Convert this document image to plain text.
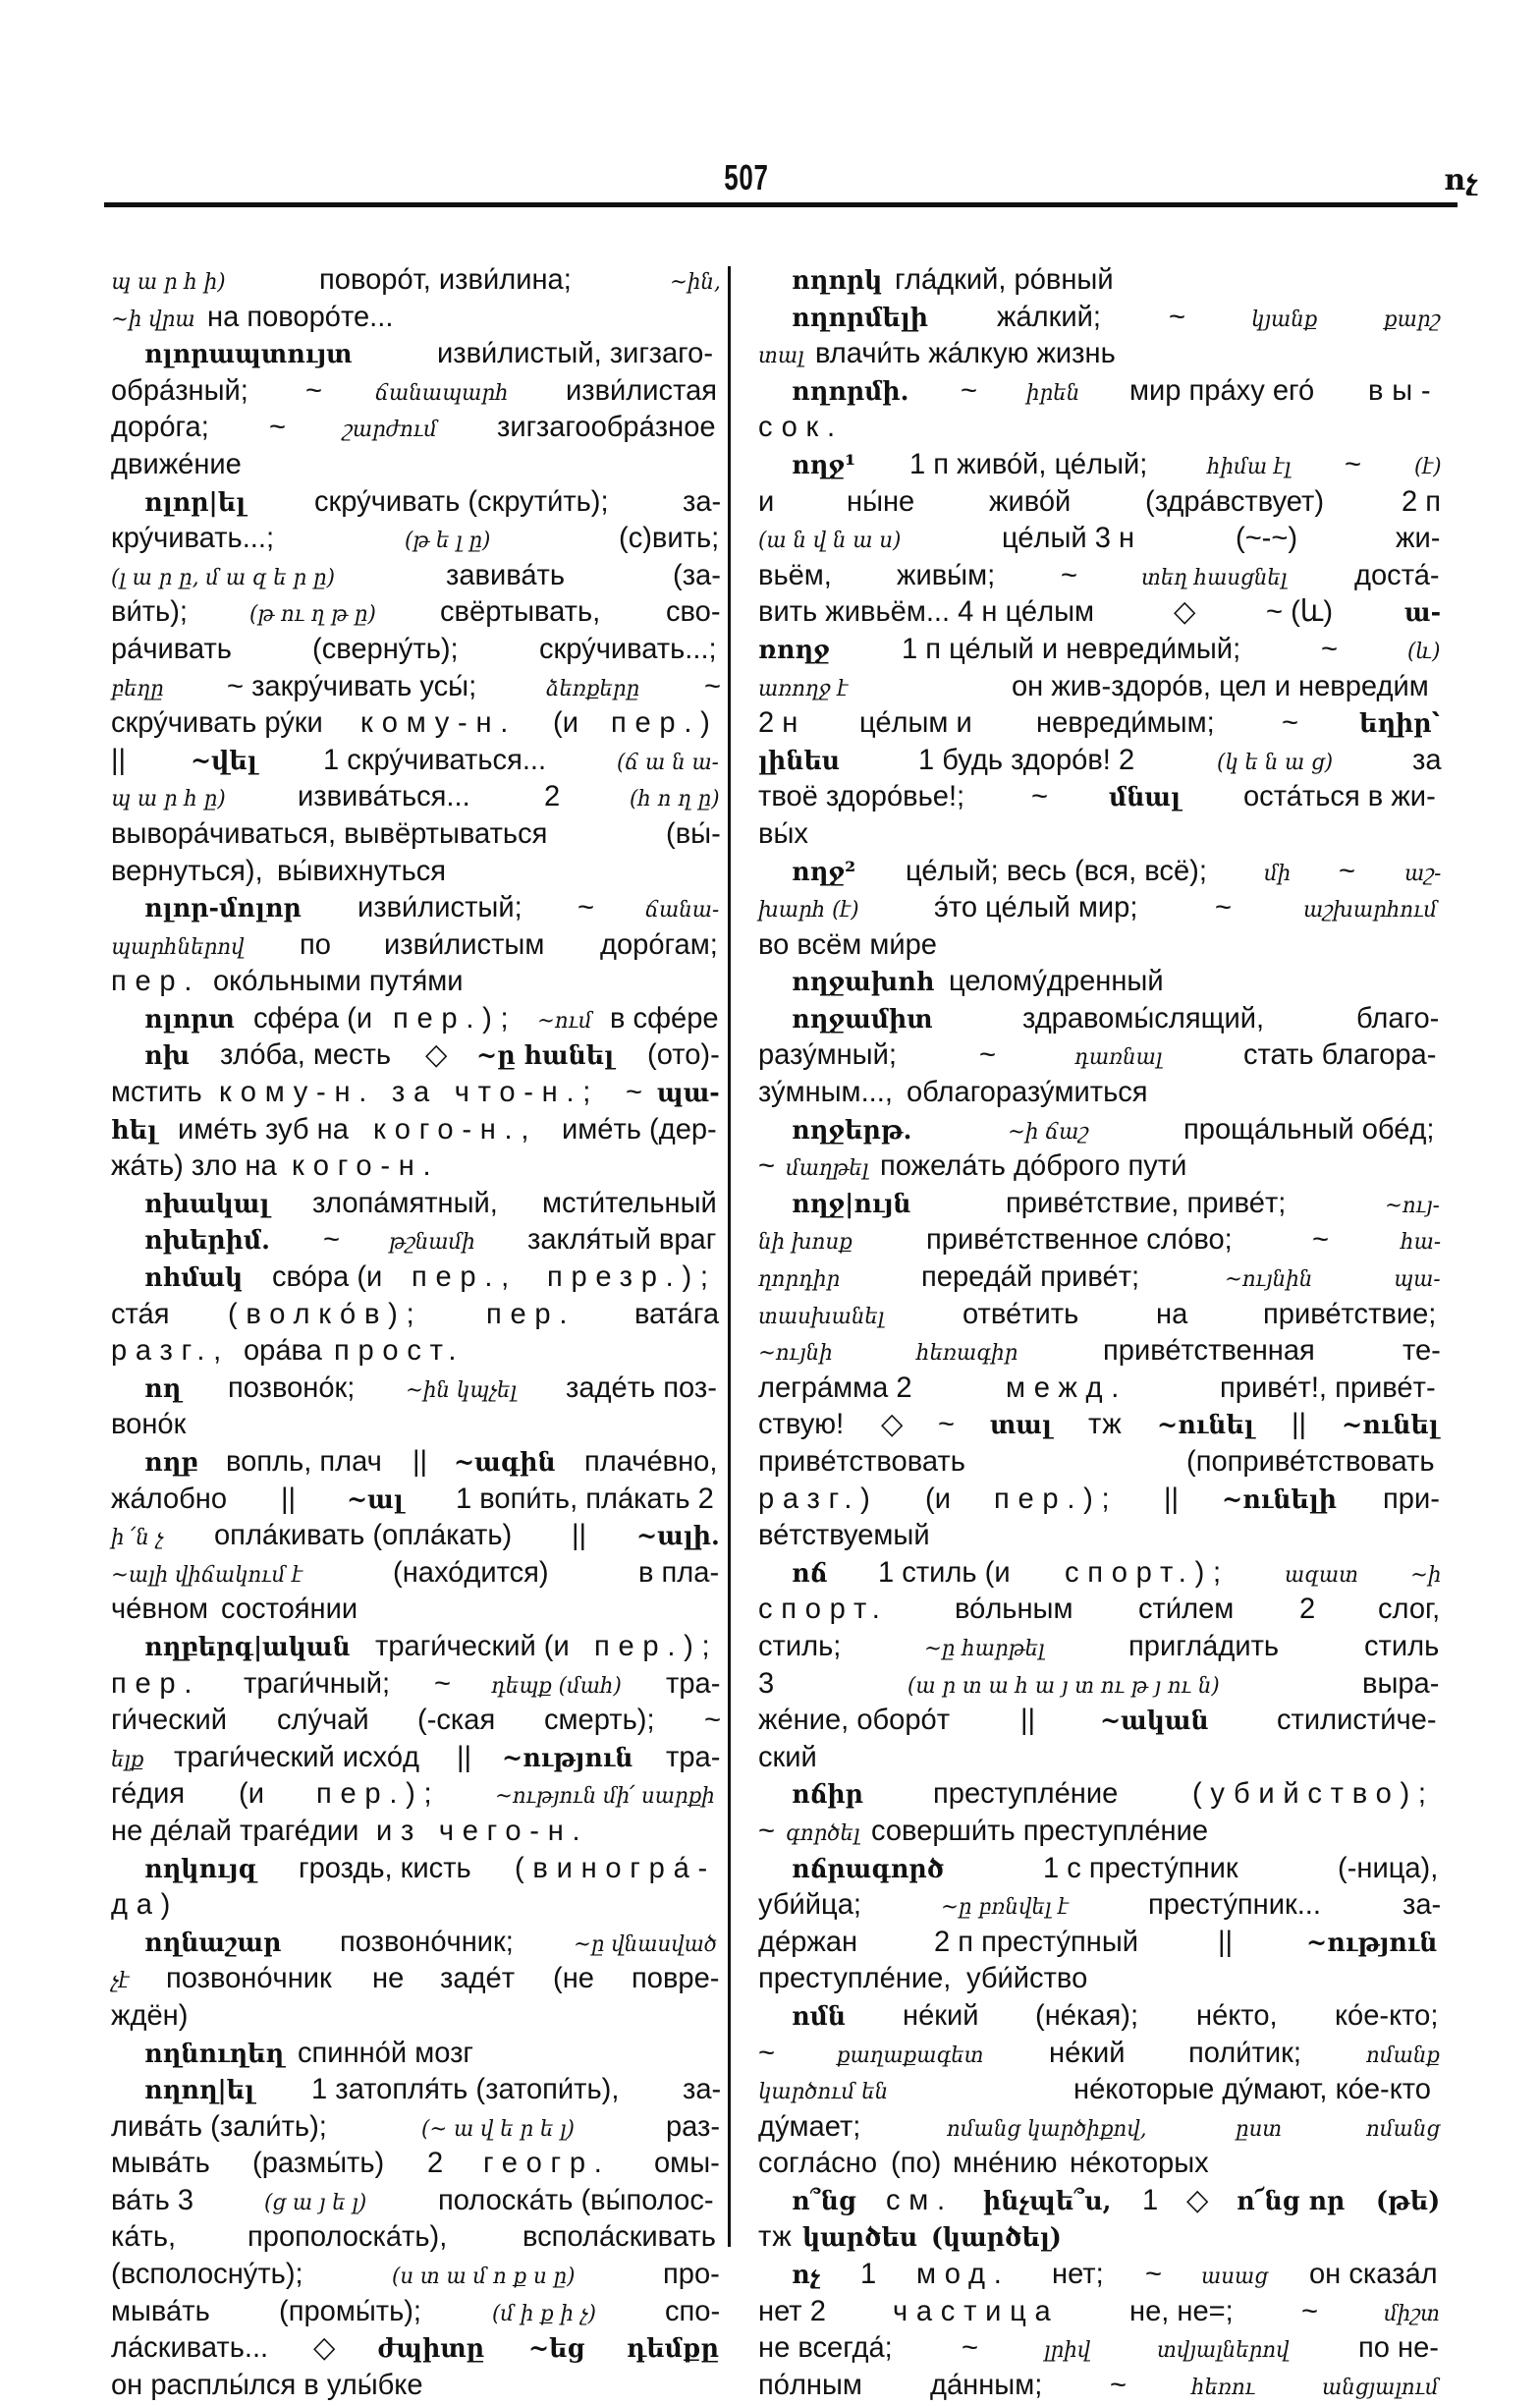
507	ոչ
պ ա ր հ ի)	поворо́т, изви́лина;	~ին,
~ի վրա на поворо́те...
ոլորապտույտ	изви́листый, зигзаго-
обра́зный; ~ ճանապարհ изви́листая
доро́га; ~	շարժում зигзагообра́зное
движе́ние
ոլոր|ել скру́чивать (скрути́ть);	за-
кру́чивать...;	(թ ե լ ը)	(с)вить;
(լ ա ր ը, մ ա զ ե ր ը)	завива́ть	(за-
ви́ть);	(թ ու ղ թ ը) свёртывать, сво-
ра́чивать	(сверну́ть);	скру́чивать...;
բեղը ~ закру́чивать усы́;	ձեռքերը ~
скру́чивать ру́ки кому-н. (и пер.)
||	~վել 1 скру́чиваться...	(ճ ա ն ա-
պ ա ր հ ը) извива́ться...	2	(հ ո ղ ը)
вывора́чиваться, вывёртываться	(вы́-
вернуться), вы́вихнуться
ոլոր-մոլոր изви́листый; ~ ճանա-
պարհներով по изви́листым доро́гам;
пер. око́льными путя́ми
ոլորտ сфе́ра (и пер.); ~ում в сфе́ре
ոխ зло́ба, месть ◇ ~ը հանել (ото)-
мстить кому-н. за что-н.; ~ պա-
հել име́ть зуб на кого-н., име́ть (дер-
жа́ть) зло на кого-н.
ոխակալ злопа́мятный, мсти́тельный
ոխերիմ. ~ թշնամի закля́тый враг
ոհմակ сво́ра (и пер., презр.);
ста́я (волко́в); пер. вата́га
разг., ора́ва прост.
ող позвоно́к; ~ին կպչել заде́ть поз-
воно́к
ողբ вопль, плач || ~ագին плаче́вно,
жа́лобно || ~ալ 1 вопи́ть, пла́кать 2
ի ՛ն չ опла́кивать (опла́кать) || ~ալի.
~ալի վիճակում է	(нахо́дится)	в пла-
че́вном состоя́нии
ողբերգ|ական траги́ческий (и пер.);
пер. траги́чный; ~ դեպք (մահ) тра-
ги́ческий слу́чай (-ская смерть); ~
ելք траги́ческий исхо́д || ~ություն тра-
ге́дия (и пер.);	~ություն մի՛ սարքի
не де́лай траге́дии из чего-н.
ողկույզ гроздь, кисть (виногра́-
да)
ողնաշար позвоно́чник;	~ը վնասված
չէ позвоно́чник не заде́т (не повре-
ждён)
ողնուղեղ спинно́й мозг
ողող|ել 1 затопля́ть (затопи́ть), за-
лива́ть (зали́ть);	(~ ա վ ե ր ե լ)	раз-
мыва́ть (размы́ть) 2 геогр. омы-
ва́ть 3	(ց ա յ ե լ) полоска́ть (вы́полос-
ка́ть, прополоска́ть),	вспола́скивать
(всполосну́ть);	(ս տ ա մ ո ք ս ը)	про-
мыва́ть (промы́ть);	(մ ի ք ի չ) спо-
ла́скивать... ◇ ժպիտը ~եց դեմքը
он расплы́лся в улы́бке
ողորկ гла́дкий, ро́вный
ողորմելի жа́лкий; ~	կյանք	քարշ
տալ влачи́ть жа́лкую жизнь
ողորմի. ~ իրեն мир пра́ху его́ вы-
сок.
ողջ¹ 1 п живо́й, це́лый;	հիմա էլ ~ (է)
и ны́не	живо́й	(здра́вствует)	2 п
(ա ն վ ն ա ս)	це́лый 3 н	(~-~)	жи-
вьём, живы́м; ~	տեղ հասցնել доста́-
вить живьём... 4 н це́лым	◇ ~ (և)	ա-
ռողջ 1 п це́лый и невреди́мый;	~	(և)
առողջ է	он жив-здоро́в, цел и невреди́м
2 н це́лым и невреди́мым; ~ եղիր՝
լինես	1 будь здоро́в! 2	(կ ե ն ա ց)	за
твоё здоро́вье!; ~ մնալ оста́ться в жи-
вы́х
ողջ² це́лый; весь (вся, всё);	մի ~ աշ-
խարհ (է)	э́то це́лый мир;	~	աշխարհում
во всём ми́ре
ողջախոհ целому́дренный
ողջամիտ	здравомы́слящий,	благо-
разу́мный;	~	դառնալ	стать благора-
зу́мным..., облагоразу́миться
ողջերթ.	~ի ճաշ	проща́льный обе́д;
~ մաղթել пожела́ть до́брого пути́
ողջ|ույն	приве́тствие, приве́т;	~ույ-
նի խոսք приве́тственное сло́во;	~	հա-
ղորդիր	переда́й приве́т;	~ույնին	պա-
տասխանել	отве́тить	на	приве́тствие;
~ույնի	հեռագիր	приве́тственная	те-
легра́мма 2	межд.	приве́т!, приве́т-
ствую! ◇ ~ տալ тж ~ունել || ~ունել
приве́тствовать	(поприве́тствовать
разг.) (и пер.); || ~ունելի при-
ве́тствуемый
ոճ 1 стиль (и спорт.);	ազատ ~ի
спорт. во́льным сти́лем 2 слог,
стиль;	~ը հարթել	пригла́дить	стиль
3	(ա ր տ ա հ ա յ տ ու թ յ ու ն)	выра-
же́ние, оборо́т ||	~ական стилисти́че-
ский
ոճիր преступле́ние (убийство);
~ գործել соверши́ть преступле́ние
ոճրագործ	1 с престу́пник	(-ница),
уби́йца;	~ը բռնվել է	престу́пник...	за-
де́ржан	2 п престу́пный	||	~ություն
преступле́ние, уби́йство
ոմն не́кий (не́кая); не́кто, ко́е-кто;
~	քաղաքագետ не́кий поли́тик;	ոմանք
կարծում են	не́которые ду́мают, ко́е-кто
ду́мает;	ոմանց կարծիքով,	ըստ	ոմանց
согла́сно (по) мне́нию не́которых
ո՞նց см. ինչպե՞ս, 1 ◇ ո՜նց որ (թե)
тж կարծես (կարծել)
ոչ 1 мод. нет; ~ ասաց он сказа́л
нет 2 частица не, не=; ~	միշտ
не всегда́; ~	լրիվ	տվյալներով по не-
по́лным да́нным; ~	հեռու	անցյալում
